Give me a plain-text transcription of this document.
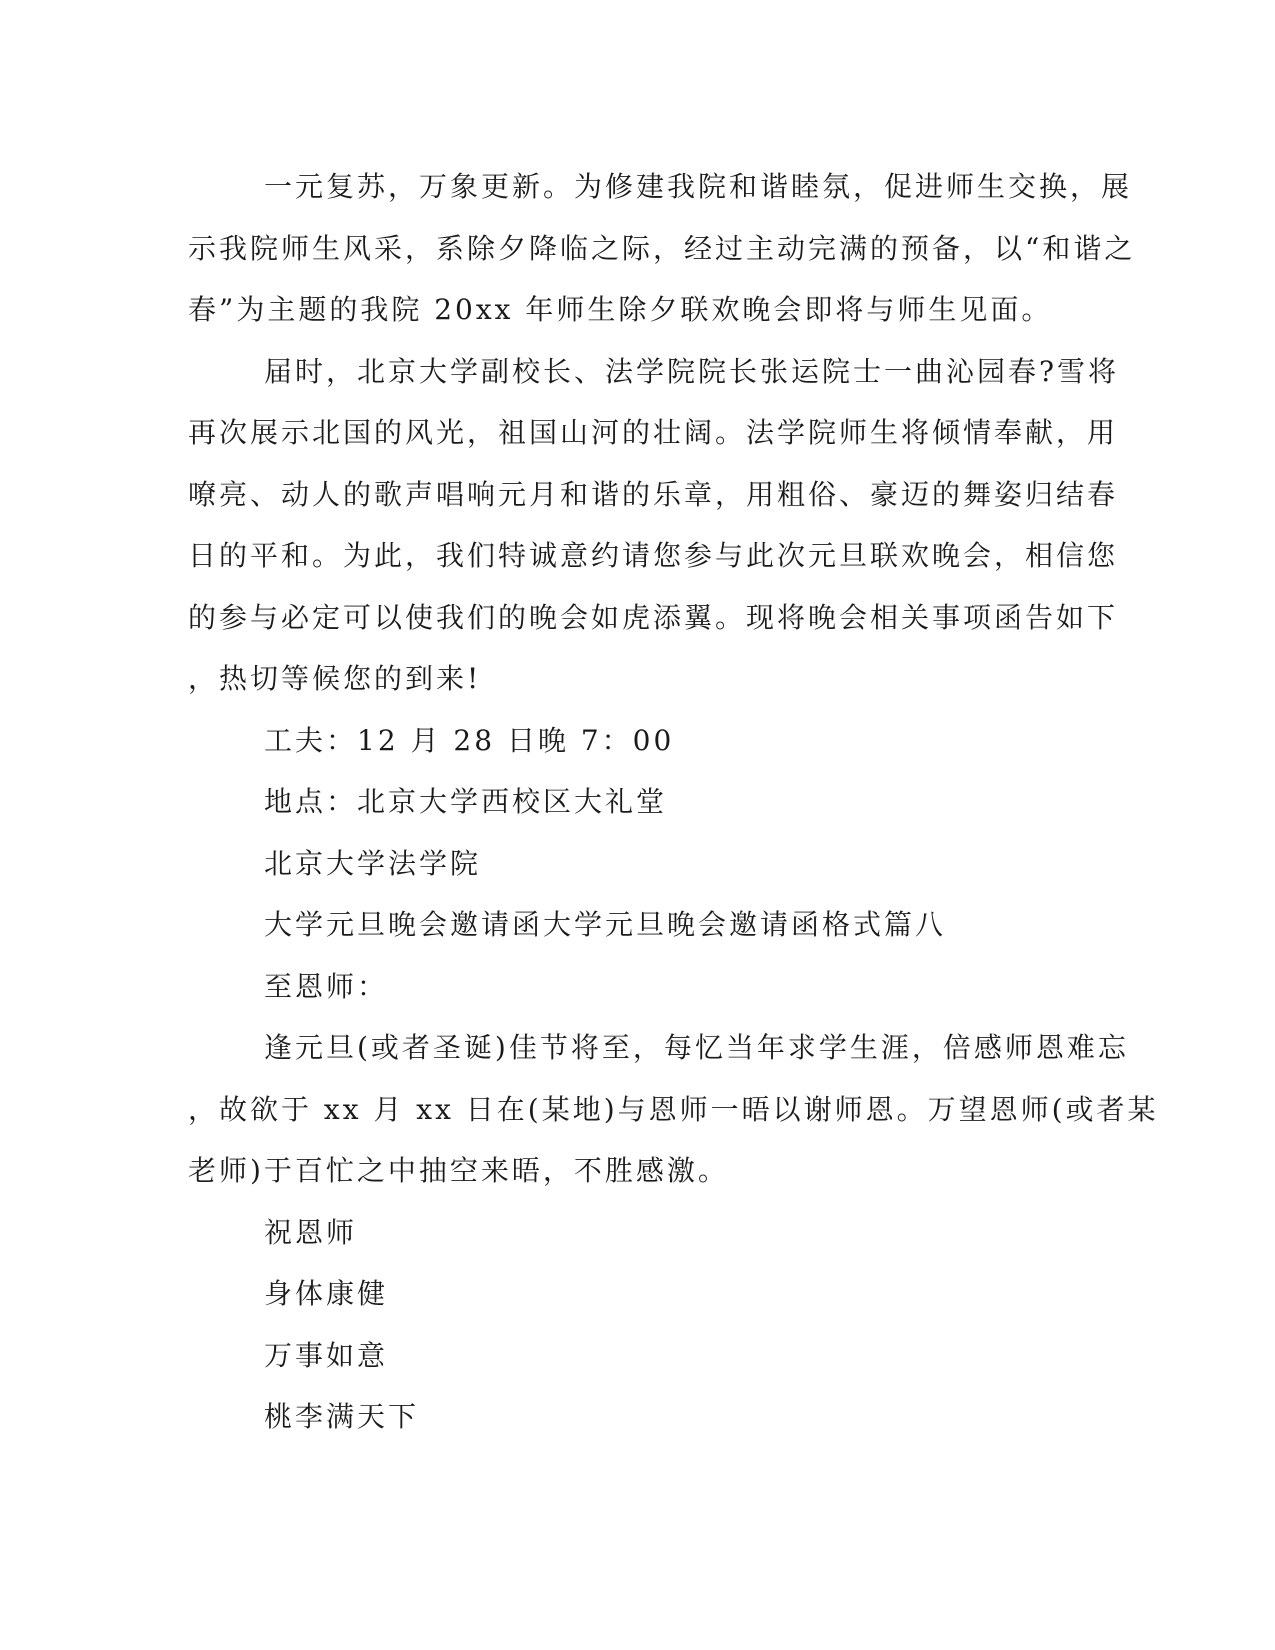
一元复苏，万象更新。为修建我院和谐睦氛，促进师生交换，展
示我院师生风采，系除夕降临之际，经过主动完满的预备，以“和谐之
春”为主题的我院 20xx 年师生除夕联欢晚会即将与师生见面。
届时，北京大学副校长、法学院院长张运院士一曲沁园春?雪将
再次展示北国的风光，祖国山河的壮阔。法学院师生将倾情奉献，用
嘹亮、动人的歌声唱响元月和谐的乐章，用粗俗、豪迈的舞姿归结春
日的平和。为此，我们特诚意约请您参与此次元旦联欢晚会，相信您
的参与必定可以使我们的晚会如虎添翼。现将晚会相关事项函告如下
，热切等候您的到来!
工夫：12 月 28 日晚 7：00
地点：北京大学西校区大礼堂
北京大学法学院
大学元旦晚会邀请函大学元旦晚会邀请函格式篇八
至恩师：
逢元旦(或者圣诞)佳节将至，每忆当年求学生涯，倍感师恩难忘
，故欲于 xx 月 xx 日在(某地)与恩师一晤以谢师恩。万望恩师(或者某
老师)于百忙之中抽空来晤，不胜感激。
祝恩师
身体康健
万事如意
桃李满天下
